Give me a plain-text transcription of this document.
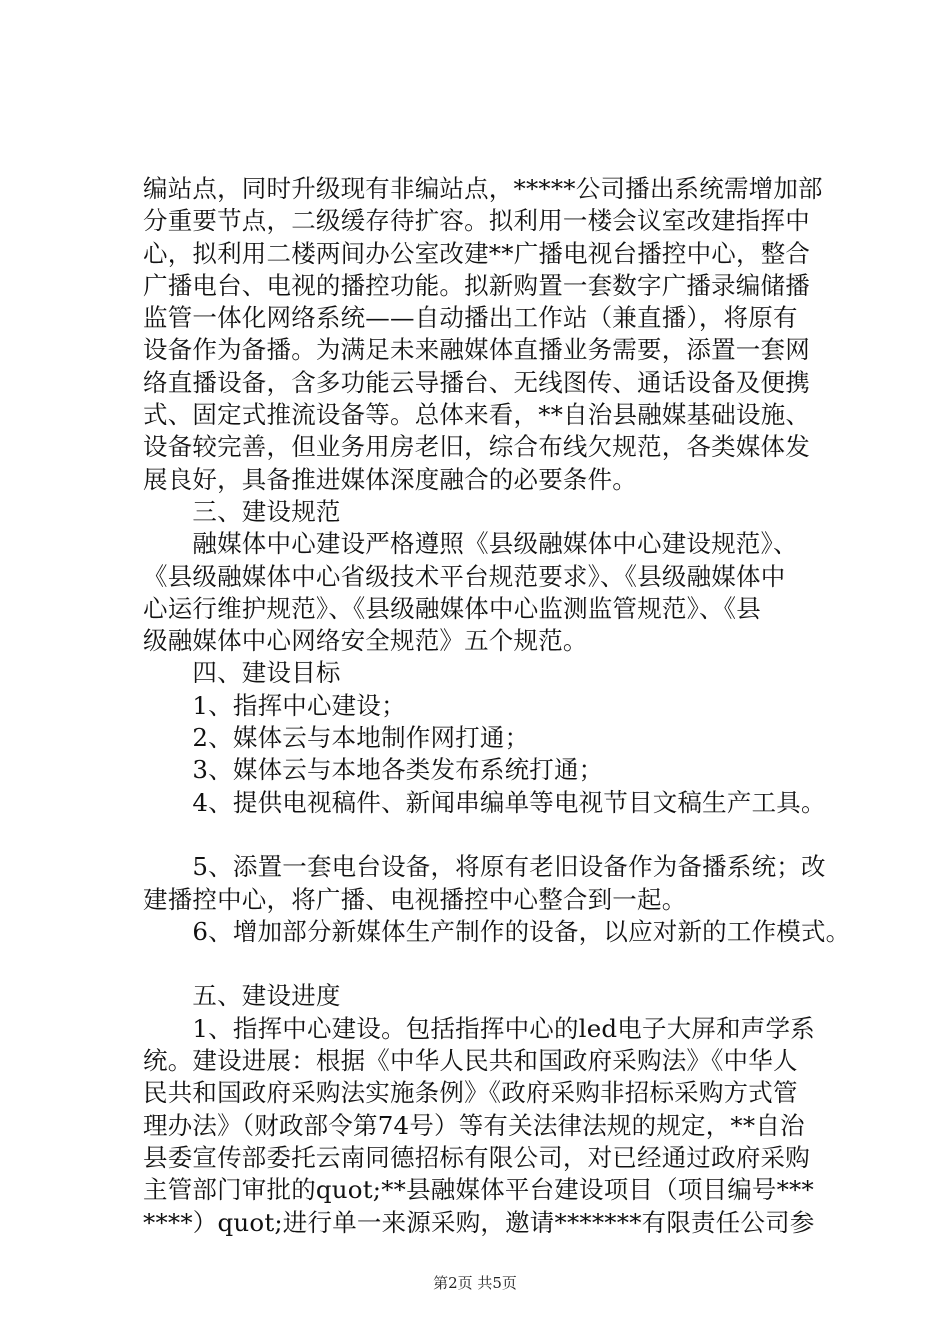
编站点，同时升级现有非编站点，*****公司播出系统需增加部
分重要节点，二级缓存待扩容。拟利用一楼会议室改建指挥中
心，拟利用二楼两间办公室改建**广播电视台播控中心，整合
广播电台、电视的播控功能。拟新购置一套数字广播录编储播
监管一体化网络系统——自动播出工作站（兼直播），将原有
设备作为备播。为满足未来融媒体直播业务需要，添置一套网
络直播设备，含多功能云导播台、无线图传、通话设备及便携
式、固定式推流设备等。总体来看，**自治县融媒基础设施、
设备较完善，但业务用房老旧，综合布线欠规范，各类媒体发
展良好，具备推进媒体深度融合的必要条件。
　　三、建设规范
　　融媒体中心建设严格遵照《县级融媒体中心建设规范》、
《县级融媒体中心省级技术平台规范要求》、《县级融媒体中
心运行维护规范》、《县级融媒体中心监测监管规范》、《县
级融媒体中心网络安全规范》五个规范。
　　四、建设目标
　　1、指挥中心建设；
　　2、媒体云与本地制作网打通；
　　3、媒体云与本地各类发布系统打通；
　　4、提供电视稿件、新闻串编单等电视节目文稿生产工具。
　　5、添置一套电台设备，将原有老旧设备作为备播系统；改
建播控中心，将广播、电视播控中心整合到一起。
　　6、增加部分新媒体生产制作的设备，以应对新的工作模式。
　　五、建设进度
　　1、指挥中心建设。包括指挥中心的led电子大屏和声学系
统。建设进展：根据《中华人民共和国政府采购法》《中华人
民共和国政府采购法实施条例》《政府采购非招标采购方式管
理办法》（财政部令第74号）等有关法律法规的规定，**自治
县委宣传部委托云南同德招标有限公司，对已经通过政府采购
主管部门审批的quot;**县融媒体平台建设项目（项目编号***
****）quot;进行单一来源采购，邀请*******有限责任公司参
第2页 共5页
